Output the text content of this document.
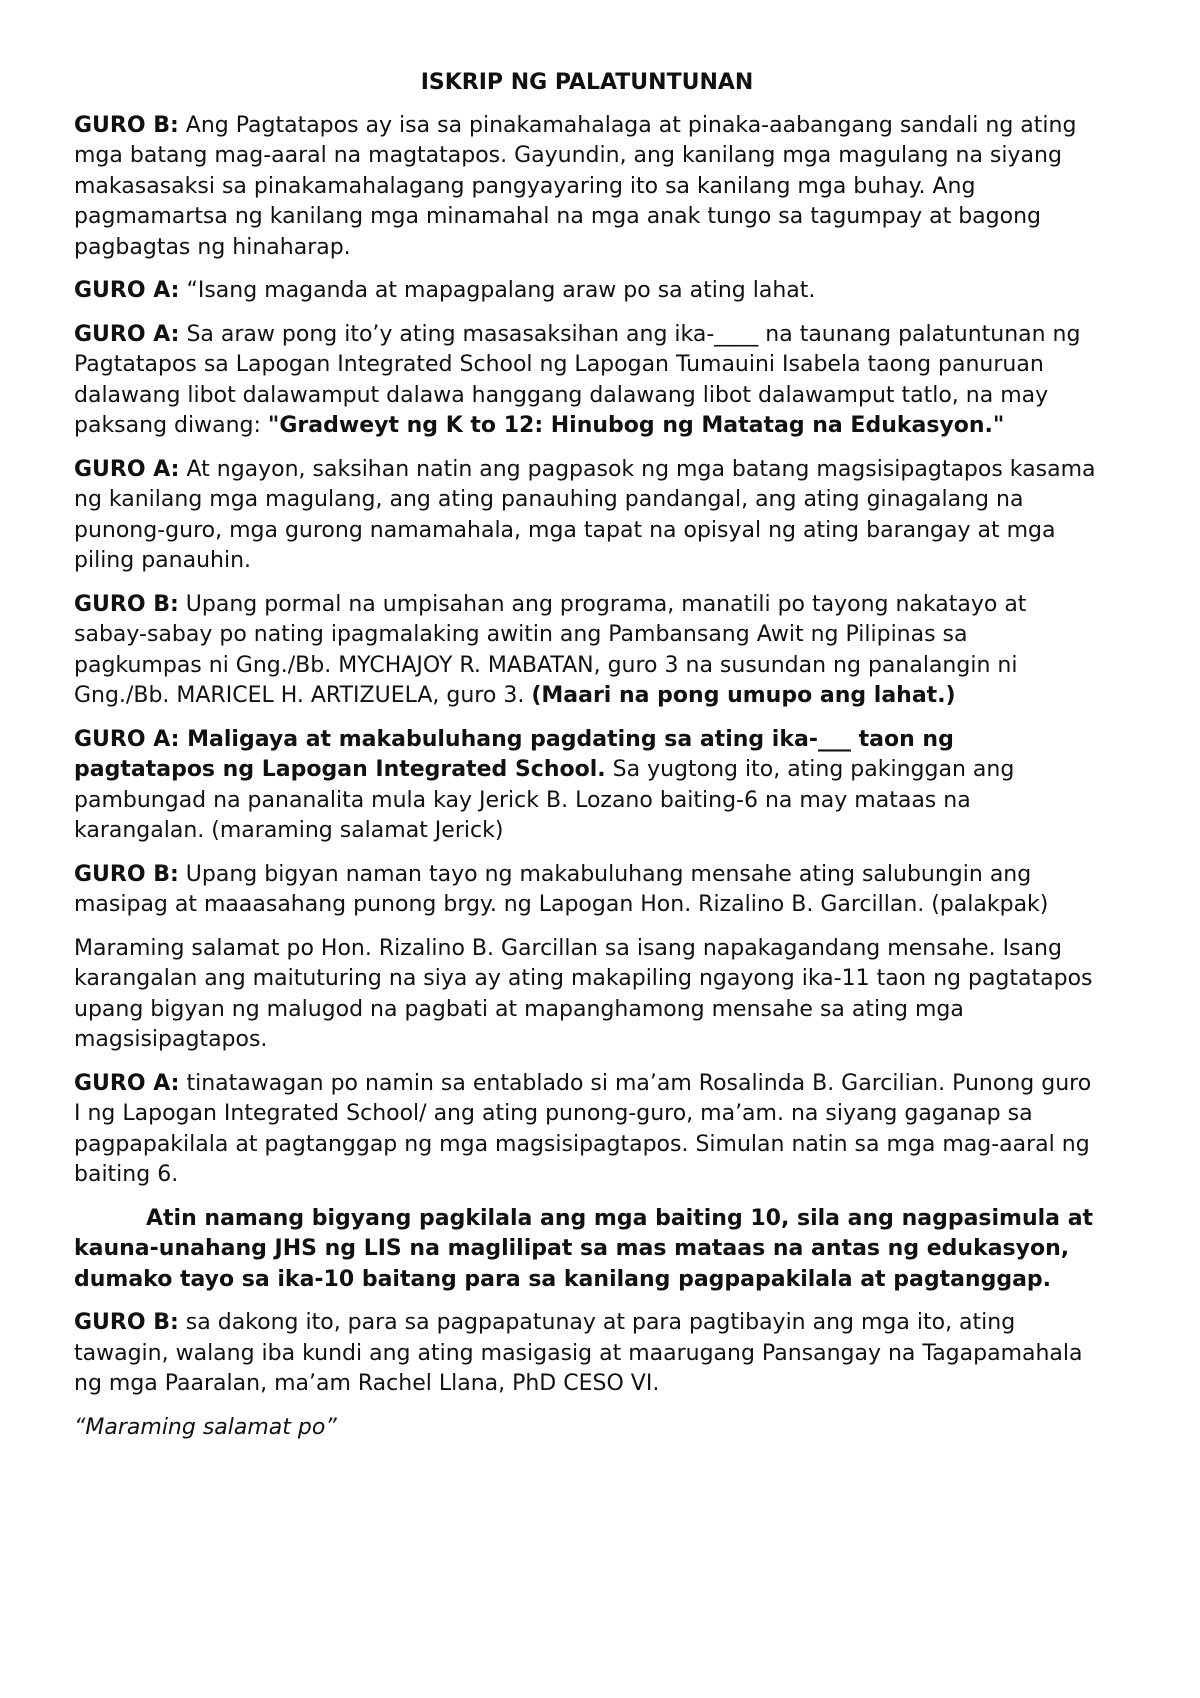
ISKRIP NG PALATUNTUNAN

GURO B: Ang Pagtatapos ay isa sa pinakamahalaga at pinaka-aabangang sandali ng ating mga batang mag-aaral na magtatapos. Gayundin, ang kanilang mga magulang na siyang makasasaksi sa pinakamahalagang pangyayaring ito sa kanilang mga buhay. Ang pagmamartsa ng kanilang mga minamahal na mga anak tungo sa tagumpay at bagong pagbagtas ng hinaharap.

GURO A: “Isang maganda at mapagpalang araw po sa ating lahat.

GURO A: Sa araw pong ito’y ating masasaksihan ang ika-____ na taunang palatuntunan ng Pagtatapos sa Lapogan Integrated School ng Lapogan Tumauini Isabela taong panuruan dalawang libot dalawamput dalawa hanggang dalawang libot dalawamput tatlo, na may paksang diwang: "Gradweyt ng K to 12: Hinubog ng Matatag na Edukasyon."

GURO A: At ngayon, saksihan natin ang pagpasok ng mga batang magsisipagtapos kasama ng kanilang mga magulang, ang ating panauhing pandangal, ang ating ginagalang na punong-guro, mga gurong namamahala, mga tapat na opisyal ng ating barangay at mga piling panauhin.

GURO B: Upang pormal na umpisahan ang programa, manatili po tayong nakatayo at sabay-sabay po nating ipagmalaking awitin ang Pambansang Awit ng Pilipinas sa pagkumpas ni Gng./Bb. MYCHAJOY R. MABATAN, guro 3 na susundan ng panalangin ni Gng./Bb. MARICEL H. ARTIZUELA, guro 3. (Maari na pong umupo ang lahat.)

GURO A: Maligaya at makabuluhang pagdating sa ating ika-___ taon ng pagtatapos ng Lapogan Integrated School. Sa yugtong ito, ating pakinggan ang pambungad na pananalita mula kay Jerick B. Lozano baiting-6 na may mataas na karangalan. (maraming salamat Jerick)

GURO B: Upang bigyan naman tayo ng makabuluhang mensahe ating salubungin ang masipag at maaasahang punong brgy. ng Lapogan Hon. Rizalino B. Garcillan. (palakpak)

Maraming salamat po Hon. Rizalino B. Garcillan sa isang napakagandang mensahe. Isang karangalan ang maituturing na siya ay ating makapiling ngayong ika-11 taon ng pagtatapos upang bigyan ng malugod na pagbati at mapanghamong mensahe sa ating mga magsisipagtapos.

GURO A: tinatawagan po namin sa entablado si ma’am Rosalinda B. Garcilian. Punong guro I ng Lapogan Integrated School/ ang ating punong-guro, ma’am. na siyang gaganap sa pagpapakilala at pagtanggap ng mga magsisipagtapos. Simulan natin sa mga mag-aaral ng baiting 6.

Atin namang bigyang pagkilala ang mga baiting 10, sila ang nagpasimula at kauna-unahang JHS ng LIS na maglilipat sa mas mataas na antas ng edukasyon, dumako tayo sa ika-10 baitang para sa kanilang pagpapakilala at pagtanggap.

GURO B: sa dakong ito, para sa pagpapatunay at para pagtibayin ang mga ito, ating tawagin, walang iba kundi ang ating masigasig at maarugang Pansangay na Tagapamahala ng mga Paaralan, ma’am Rachel Llana, PhD CESO VI.

“Maraming salamat po”
